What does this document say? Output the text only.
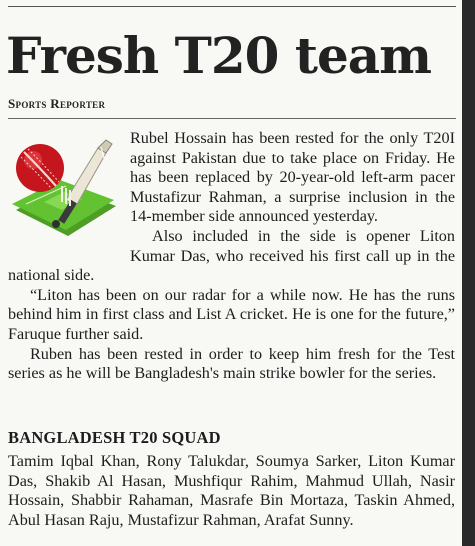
Fresh T20 team
Sports Reporter

Rubel Hossain has been rested for the only T20I against Pakistan due to take place on Friday. He has been replaced by 20-year-old left-arm pacer Mustafizur Rahman, a surprise inclusion in the 14-member side announced yesterday.

Also included in the side is opener Liton Kumar Das, who received his first call up in the national side.

“Liton has been on our radar for a while now. He has the runs behind him in first class and List A cricket. He is one for the future,” Faruque further said.

Ruben has been rested in order to keep him fresh for the Test series as he will be Bangladesh's main strike bowler for the series.

BANGLADESH T20 SQUAD

Tamim Iqbal Khan, Rony Talukdar, Soumya Sarker, Liton Kumar Das, Shakib Al Hasan, Mushfiqur Rahim, Mahmud Ullah, Nasir Hossain, Shabbir Rahaman, Masrafe Bin Mortaza, Taskin Ahmed, Abul Hasan Raju, Mustafizur Rahman, Arafat Sunny.
